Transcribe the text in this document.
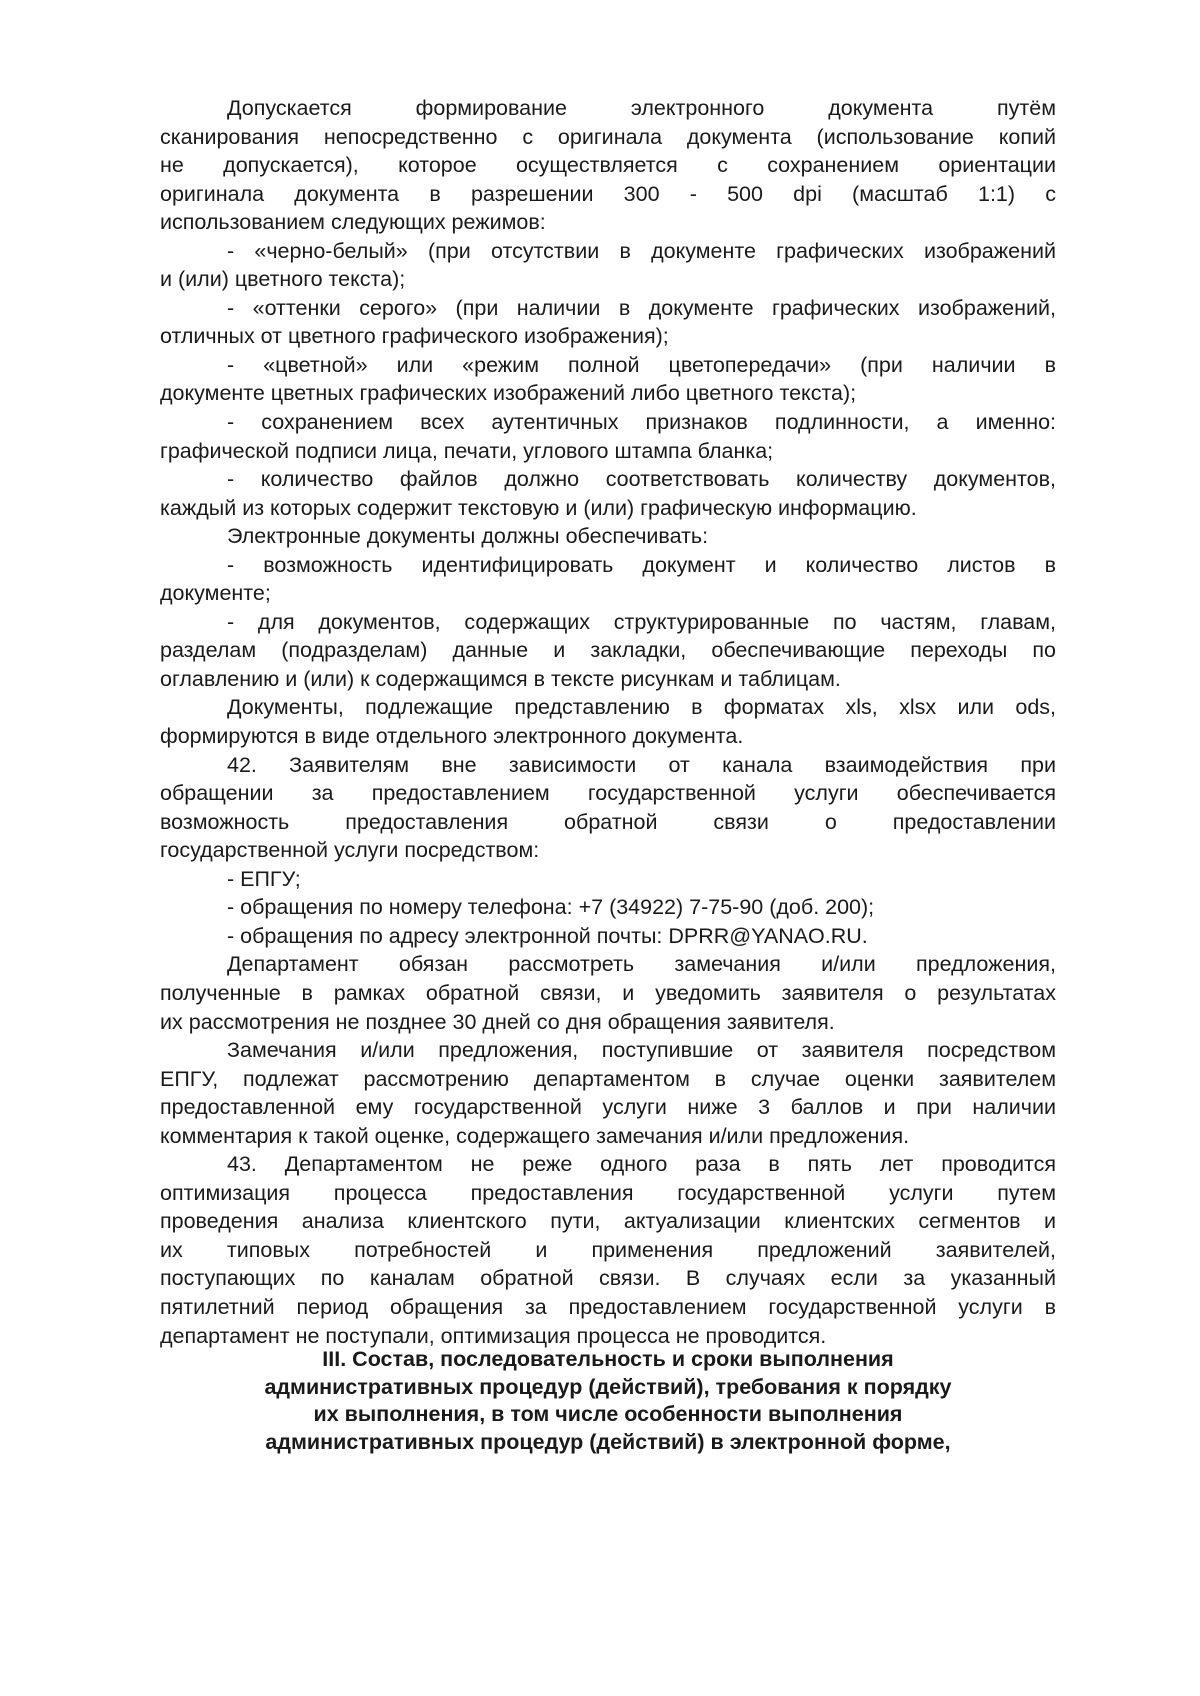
Допускается формирование электронного документа путём
сканирования непосредственно с оригинала документа (использование копий
не допускается), которое осуществляется с сохранением ориентации
оригинала документа в разрешении 300 - 500 dpi (масштаб 1:1) с
использованием следующих режимов:
- «черно-белый» (при отсутствии в документе графических изображений
и (или) цветного текста);
- «оттенки серого» (при наличии в документе графических изображений,
отличных от цветного графического изображения);
- «цветной» или «режим полной цветопередачи» (при наличии в
документе цветных графических изображений либо цветного текста);
- сохранением всех аутентичных признаков подлинности, а именно:
графической подписи лица, печати, углового штампа бланка;
- количество файлов должно соответствовать количеству документов,
каждый из которых содержит текстовую и (или) графическую информацию.
Электронные документы должны обеспечивать:
- возможность идентифицировать документ и количество листов в
документе;
- для документов, содержащих структурированные по частям, главам,
разделам (подразделам) данные и закладки, обеспечивающие переходы по
оглавлению и (или) к содержащимся в тексте рисункам и таблицам.
Документы, подлежащие представлению в форматах xls, xlsx или ods,
формируются в виде отдельного электронного документа.
42. Заявителям вне зависимости от канала взаимодействия при
обращении за предоставлением государственной услуги обеспечивается
возможность предоставления обратной связи о предоставлении
государственной услуги посредством:
- ЕПГУ;
- обращения по номеру телефона: +7 (34922) 7-75-90 (доб. 200);
- обращения по адресу электронной почты: DPRR@YANAO.RU.
Департамент обязан рассмотреть замечания и/или предложения,
полученные в рамках обратной связи, и уведомить заявителя о результатах
их рассмотрения не позднее 30 дней со дня обращения заявителя.
Замечания и/или предложения, поступившие от заявителя посредством
ЕПГУ, подлежат рассмотрению департаментом в случае оценки заявителем
предоставленной ему государственной услуги ниже 3 баллов и при наличии
комментария к такой оценке, содержащего замечания и/или предложения.
43. Департаментом не реже одного раза в пять лет проводится
оптимизация процесса предоставления государственной услуги путем
проведения анализа клиентского пути, актуализации клиентских сегментов и
их типовых потребностей и применения предложений заявителей,
поступающих по каналам обратной связи. В случаях если за указанный
пятилетний период обращения за предоставлением государственной услуги в
департамент не поступали, оптимизация процесса не проводится.
III. Состав, последовательность и сроки выполнения
административных процедур (действий), требования к порядку
их выполнения, в том числе особенности выполнения
административных процедур (действий) в электронной форме,
